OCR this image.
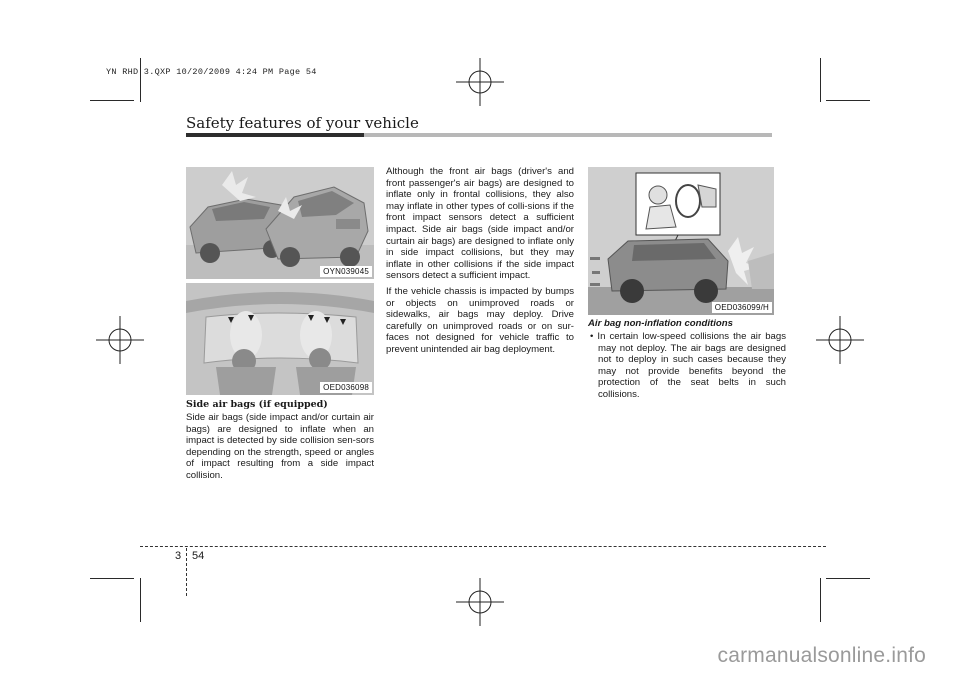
YN RHD 3.QXP 10/20/2009 4:24 PM Page 54
Safety features of your vehicle
OYN039045
OED036098
OED036099/H
Side air bags (if equipped)
Side air bags (side impact and/or curtain air bags) are designed to inflate when an impact is detected by side collision sen-sors depending on the strength, speed or angles of impact resulting from a side impact collision.

Although the front air bags (driver's and front passenger's air bags) are designed to inflate only in frontal collisions, they also may inflate in other types of colli-sions if the front impact sensors detect a sufficient impact. Side air bags (side impact and/or curtain air bags) are designed to inflate only in side impact collisions, but they may inflate in other collisions if the side impact sensors detect a sufficient impact.

If the vehicle chassis is impacted by bumps or objects on unimproved roads or sidewalks, air bags may deploy. Drive carefully on unimproved roads or on sur-faces not designed for vehicle traffic to prevent unintended air bag deployment.

Air bag non-inflation conditions
• In certain low-speed collisions the air bags may not deploy. The air bags are designed not to deploy in such cases because they may not provide benefits beyond the protection of the seat belts in such collisions.
3 54
carmanualsonline.info
